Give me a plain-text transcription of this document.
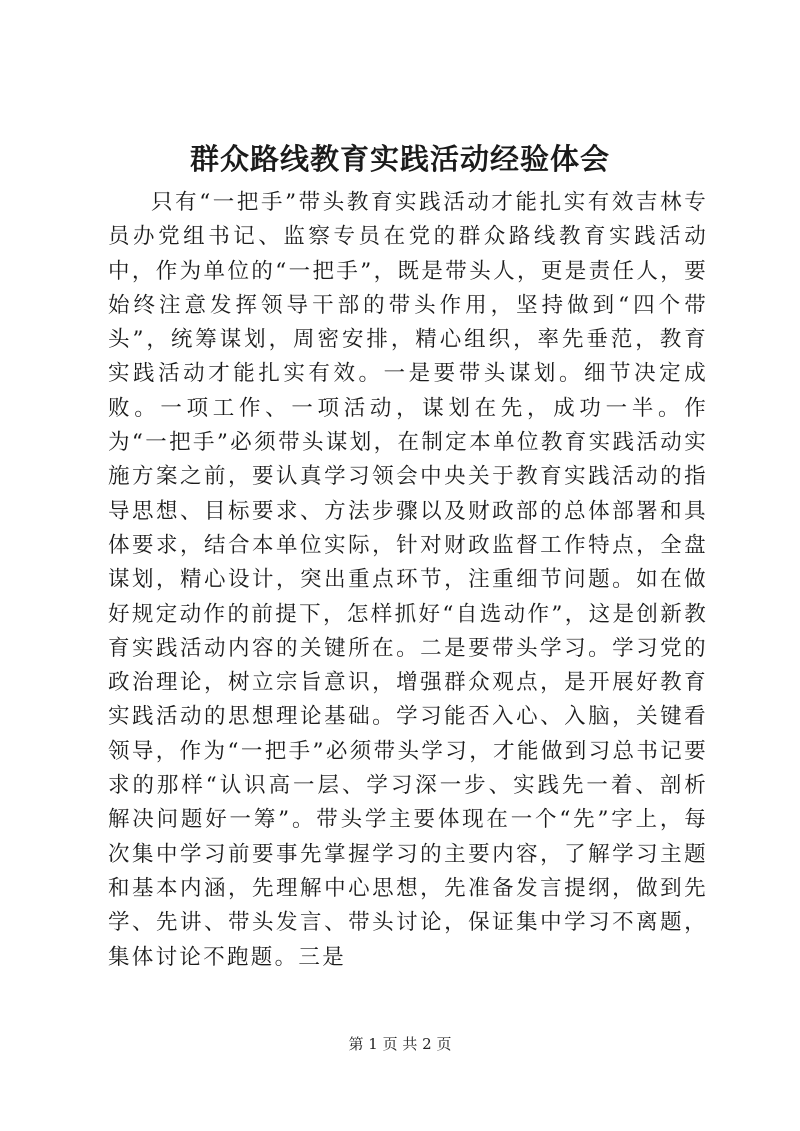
群众路线教育实践活动经验体会

只有“一把手”带头教育实践活动才能扎实有效吉林专员办党组书记、监察专员在党的群众路线教育实践活动中，作为单位的“一把手”，既是带头人，更是责任人，要始终注意发挥领导干部的带头作用，坚持做到“四个带头”，统筹谋划，周密安排，精心组织，率先垂范，教育实践活动才能扎实有效。一是要带头谋划。细节决定成败。一项工作、一项活动，谋划在先，成功一半。作为“一把手”必须带头谋划，在制定本单位教育实践活动实施方案之前，要认真学习领会中央关于教育实践活动的指导思想、目标要求、方法步骤以及财政部的总体部署和具体要求，结合本单位实际，针对财政监督工作特点，全盘谋划，精心设计，突出重点环节，注重细节问题。如在做好规定动作的前提下，怎样抓好“自选动作”，这是创新教育实践活动内容的关键所在。二是要带头学习。学习党的政治理论，树立宗旨意识，增强群众观点，是开展好教育实践活动的思想理论基础。学习能否入心、入脑，关键看领导，作为“一把手”必须带头学习，才能做到习总书记要求的那样“认识高一层、学习深一步、实践先一着、剖析解决问题好一筹”。带头学主要体现在一个“先”字上，每次集中学习前要事先掌握学习的主要内容，了解学习主题和基本内涵，先理解中心思想，先准备发言提纲，做到先学、先讲、带头发言、带头讨论，保证集中学习不离题，集体讨论不跑题。三是

第 1 页 共 2 页
